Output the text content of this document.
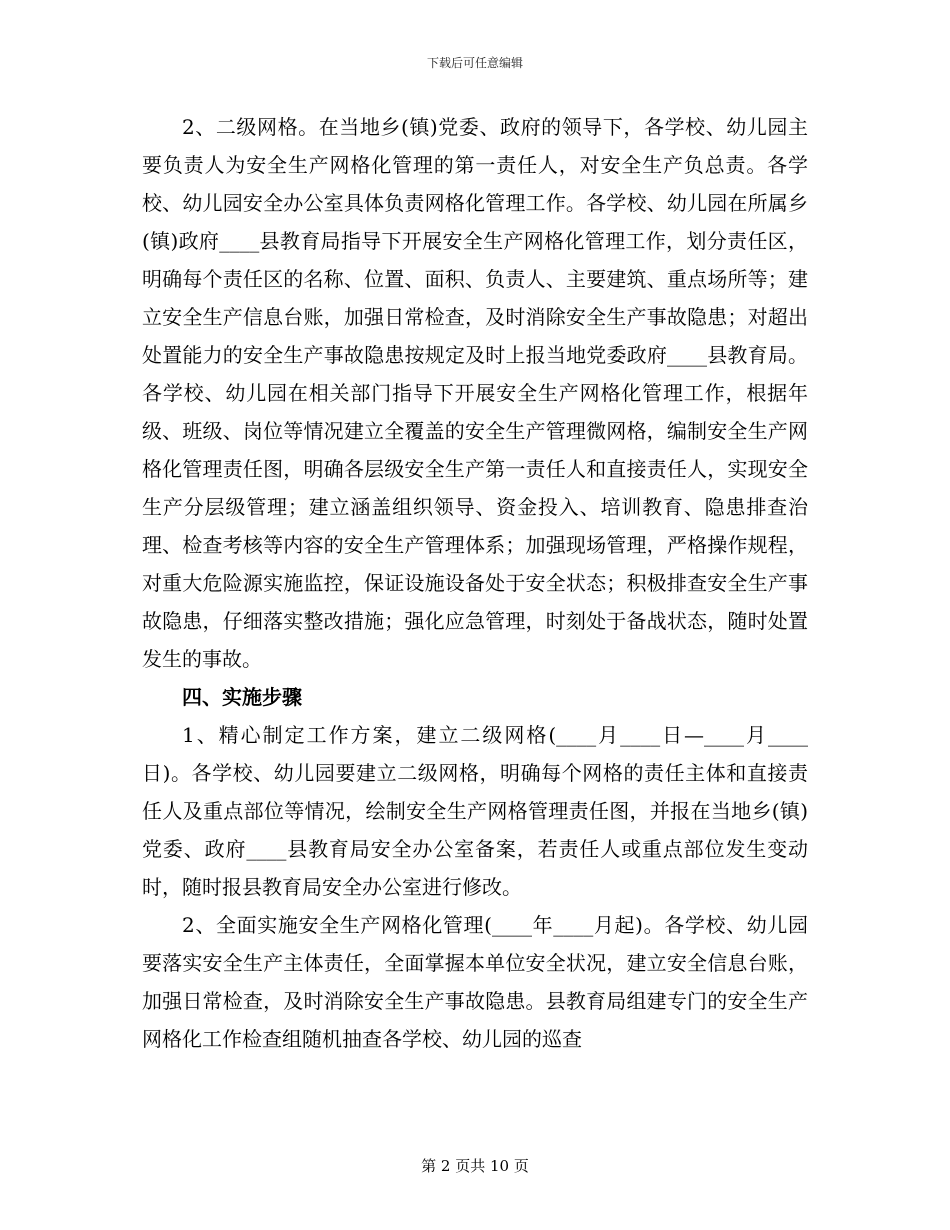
下载后可任意编辑

2、二级网格。在当地乡(镇)党委、政府的领导下，各学校、幼儿园主要负责人为安全生产网格化管理的第一责任人，对安全生产负总责。各学校、幼儿园安全办公室具体负责网格化管理工作。各学校、幼儿园在所属乡(镇)政府____县教育局指导下开展安全生产网格化管理工作，划分责任区，明确每个责任区的名称、位置、面积、负责人、主要建筑、重点场所等；建立安全生产信息台账，加强日常检查，及时消除安全生产事故隐患；对超出处置能力的安全生产事故隐患按规定及时上报当地党委政府____县教育局。各学校、幼儿园在相关部门指导下开展安全生产网格化管理工作，根据年级、班级、岗位等情况建立全覆盖的安全生产管理微网格，编制安全生产网格化管理责任图，明确各层级安全生产第一责任人和直接责任人，实现安全生产分层级管理；建立涵盖组织领导、资金投入、培训教育、隐患排查治理、检查考核等内容的安全生产管理体系；加强现场管理，严格操作规程，对重大危险源实施监控，保证设施设备处于安全状态；积极排查安全生产事故隐患，仔细落实整改措施；强化应急管理，时刻处于备战状态，随时处置发生的事故。

四、实施步骤

1、精心制定工作方案，建立二级网格(____月____日—____月____日)。各学校、幼儿园要建立二级网格，明确每个网格的责任主体和直接责任人及重点部位等情况，绘制安全生产网格管理责任图，并报在当地乡(镇)党委、政府____县教育局安全办公室备案，若责任人或重点部位发生变动时，随时报县教育局安全办公室进行修改。

2、全面实施安全生产网格化管理(____年____月起)。各学校、幼儿园要落实安全生产主体责任，全面掌握本单位安全状况，建立安全信息台账，加强日常检查，及时消除安全生产事故隐患。县教育局组建专门的安全生产网格化工作检查组随机抽查各学校、幼儿园的巡查

第 2 页共 10 页
